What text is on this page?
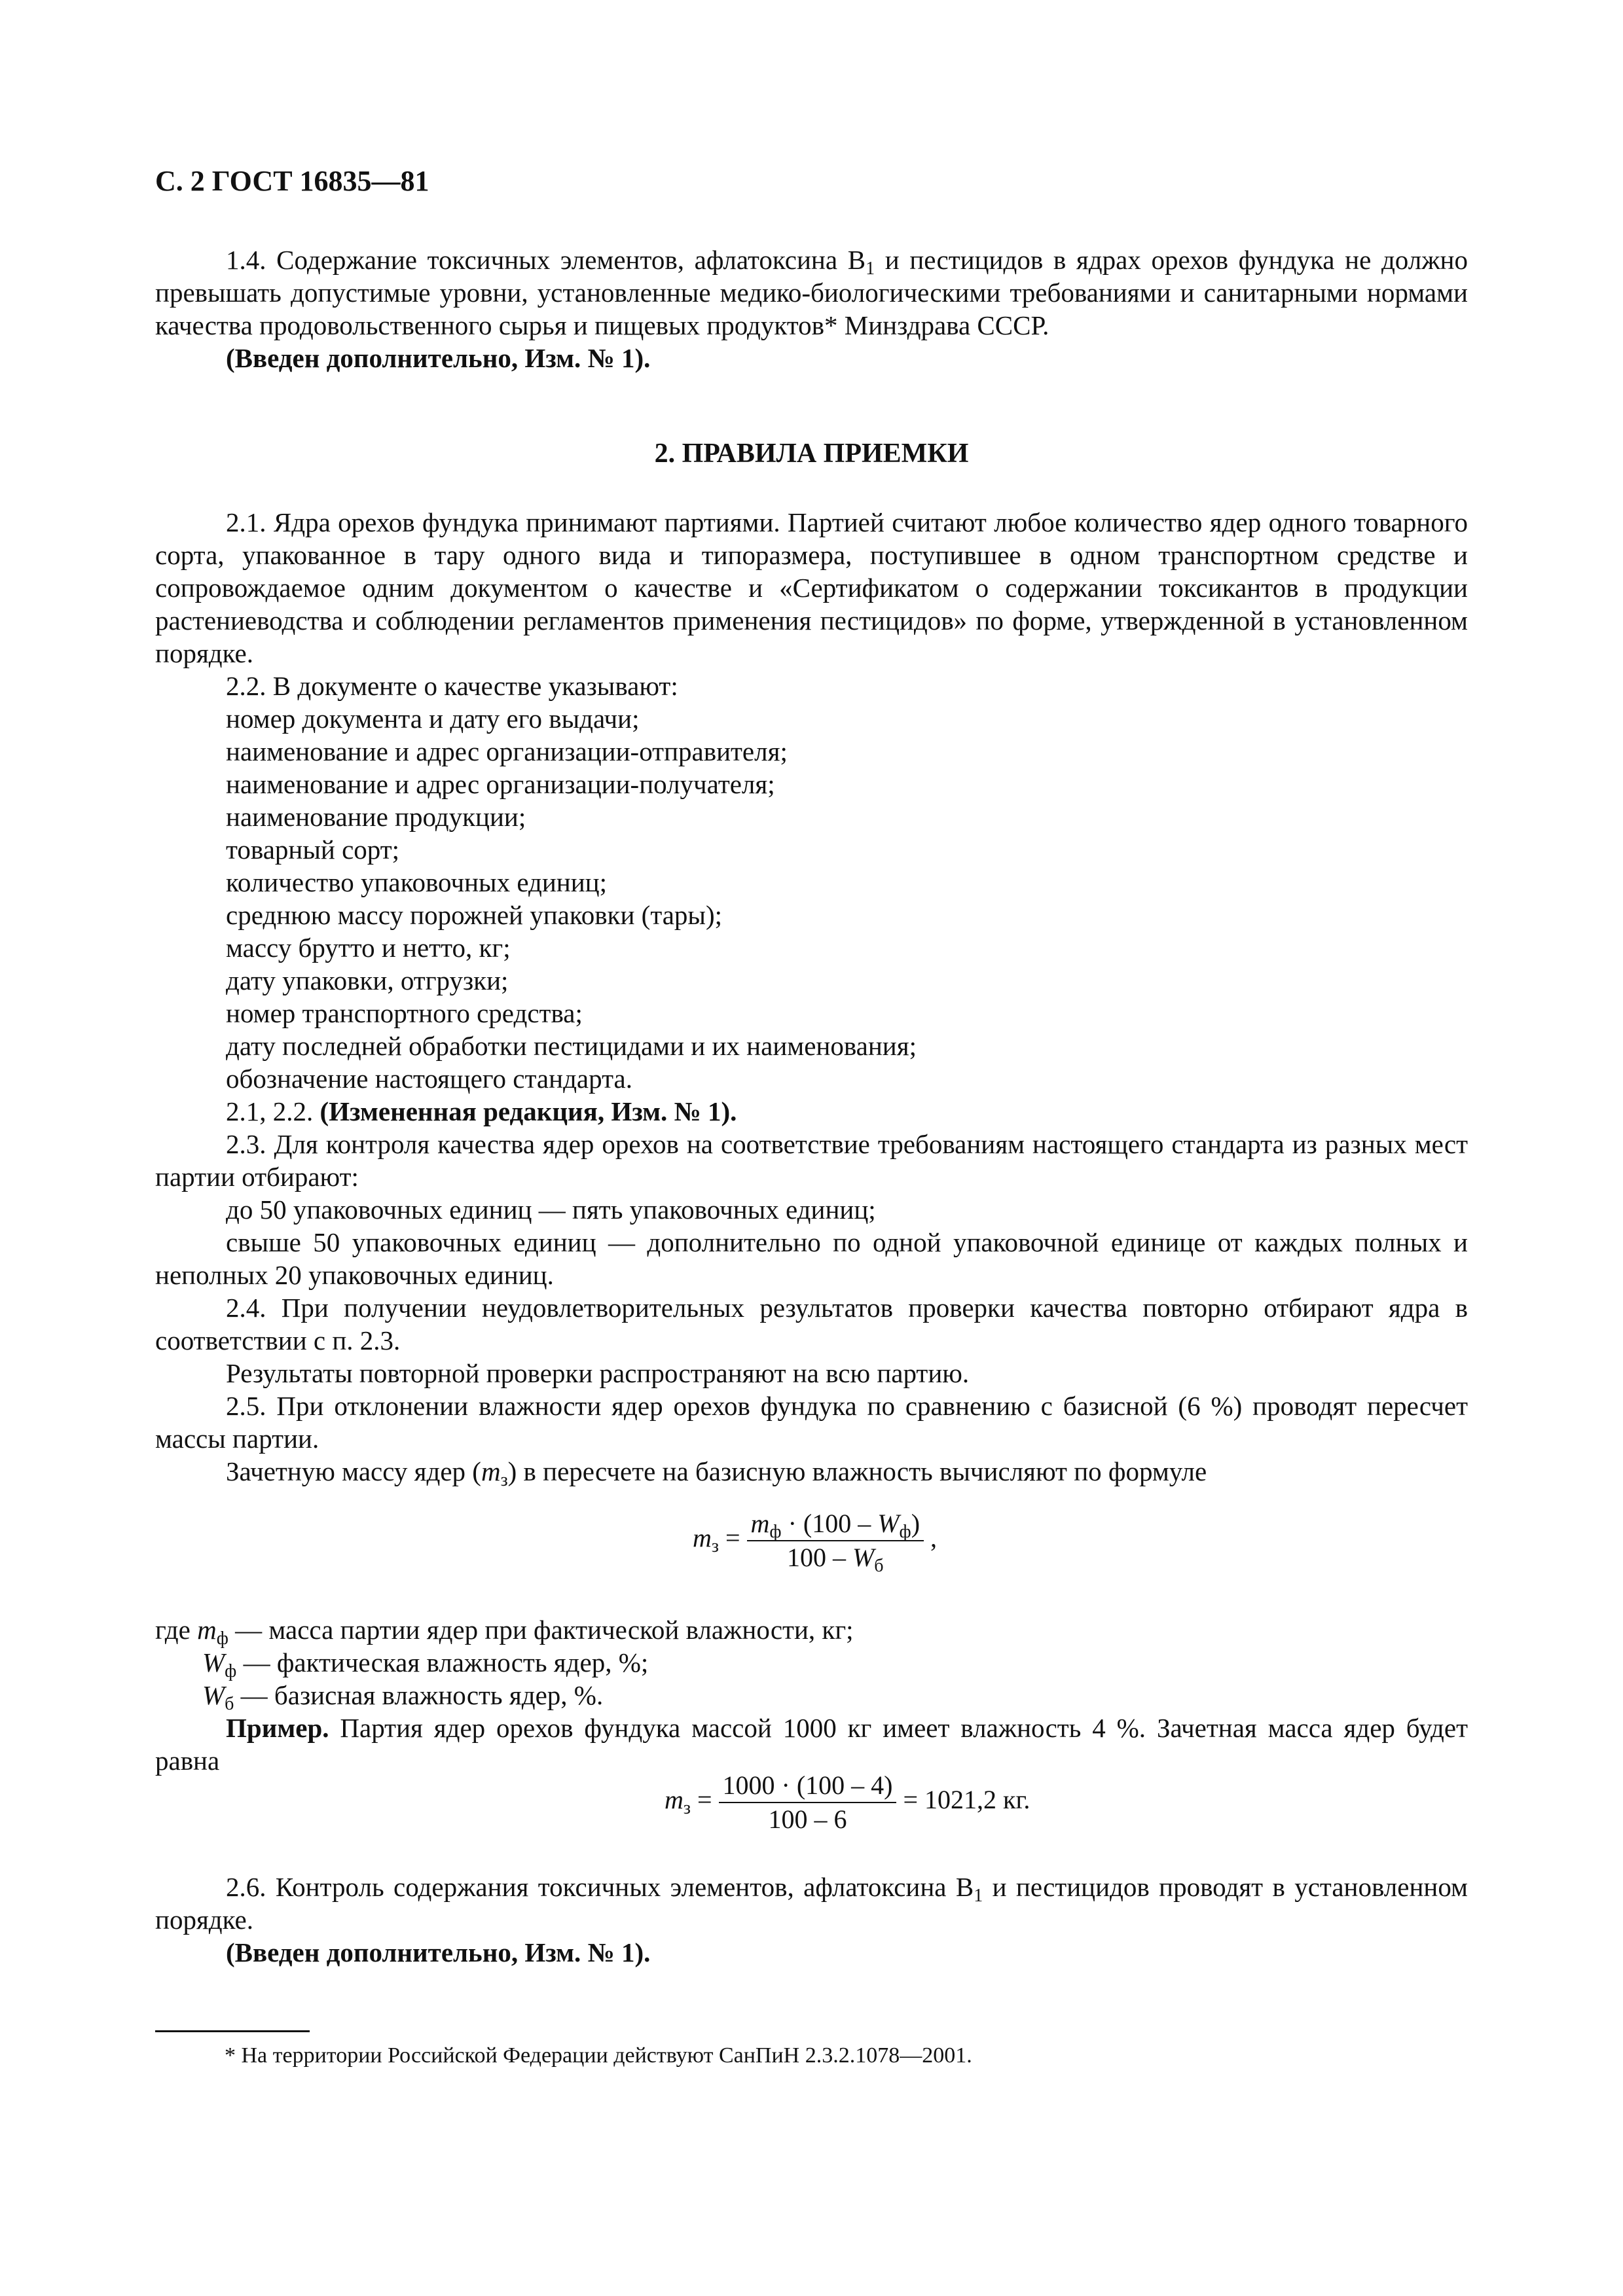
С. 2 ГОСТ 16835—81

1.4. Содержание токсичных элементов, афлатоксина $В_1$ и пестицидов в ядрах орехов фундука не должно превышать допустимые уровни, установленные медико-биологическими требованиями и санитарными нормами качества продовольственного сырья и пищевых продуктов* Минздрава СССР.

(Введен дополнительно, Изм. № 1).

2. ПРАВИЛА ПРИЕМКИ

2.1. Ядра орехов фундука принимают партиями. Партией считают любое количество ядер одного товарного сорта, упакованное в тару одного вида и типоразмера, поступившее в одном транспортном средстве и сопровождаемое одним документом о качестве и «Сертификатом о содержании токсикантов в продукции растениеводства и соблюдении регламентов применения пестицидов» по форме, утвержденной в установленном порядке.

2.2. В документе о качестве указывают:

номер документа и дату его выдачи;

наименование и адрес организации-отправителя;

наименование и адрес организации-получателя;

наименование продукции;

товарный сорт;

количество упаковочных единиц;

среднюю массу порожней упаковки (тары);

массу брутто и нетто, кг;

дату упаковки, отгрузки;

номер транспортного средства;

дату последней обработки пестицидами и их наименования;

обозначение настоящего стандарта.

2.1, 2.2. (Измененная редакция, Изм. № 1).

2.3. Для контроля качества ядер орехов на соответствие требованиям настоящего стандарта из разных мест партии отбирают:

до 50 упаковочных единиц — пять упаковочных единиц;

свыше 50 упаковочных единиц — дополнительно по одной упаковочной единице от каждых полных и неполных 20 упаковочных единиц.

2.4. При получении неудовлетворительных результатов проверки качества повторно отбирают ядра в соответствии с п. 2.3.

Результаты повторной проверки распространяют на всю партию.

2.5. При отклонении влажности ядер орехов фундука по сравнению с базисной (6 %) проводят пересчет массы партии.

Зачетную массу ядер $(m_з)$ в пересчете на базисную влажность вычисляют по формуле

$m_з = \frac{m_ф \cdot (100 - W_ф)}{100 - W_б}$ ,
где $m_ф$ — масса партии ядер при фактической влажности, кг;
$W_ф$ — фактическая влажность ядер, %;
$W_б$ — базисная влажность ядер, %.

Пример. Партия ядер орехов фундука массой 1000 кг имеет влажность 4 %. Зачетная масса ядер будет равна

$m_з = \frac{1000 \cdot (100 - 4)}{100 - 6} = 1021,2$ кг.

2.6. Контроль содержания токсичных элементов, афлатоксина $В_1$ и пестицидов проводят в установленном порядке.

(Введен дополнительно, Изм. № 1).

* На территории Российской Федерации действуют СанПиН 2.3.2.1078—2001.
